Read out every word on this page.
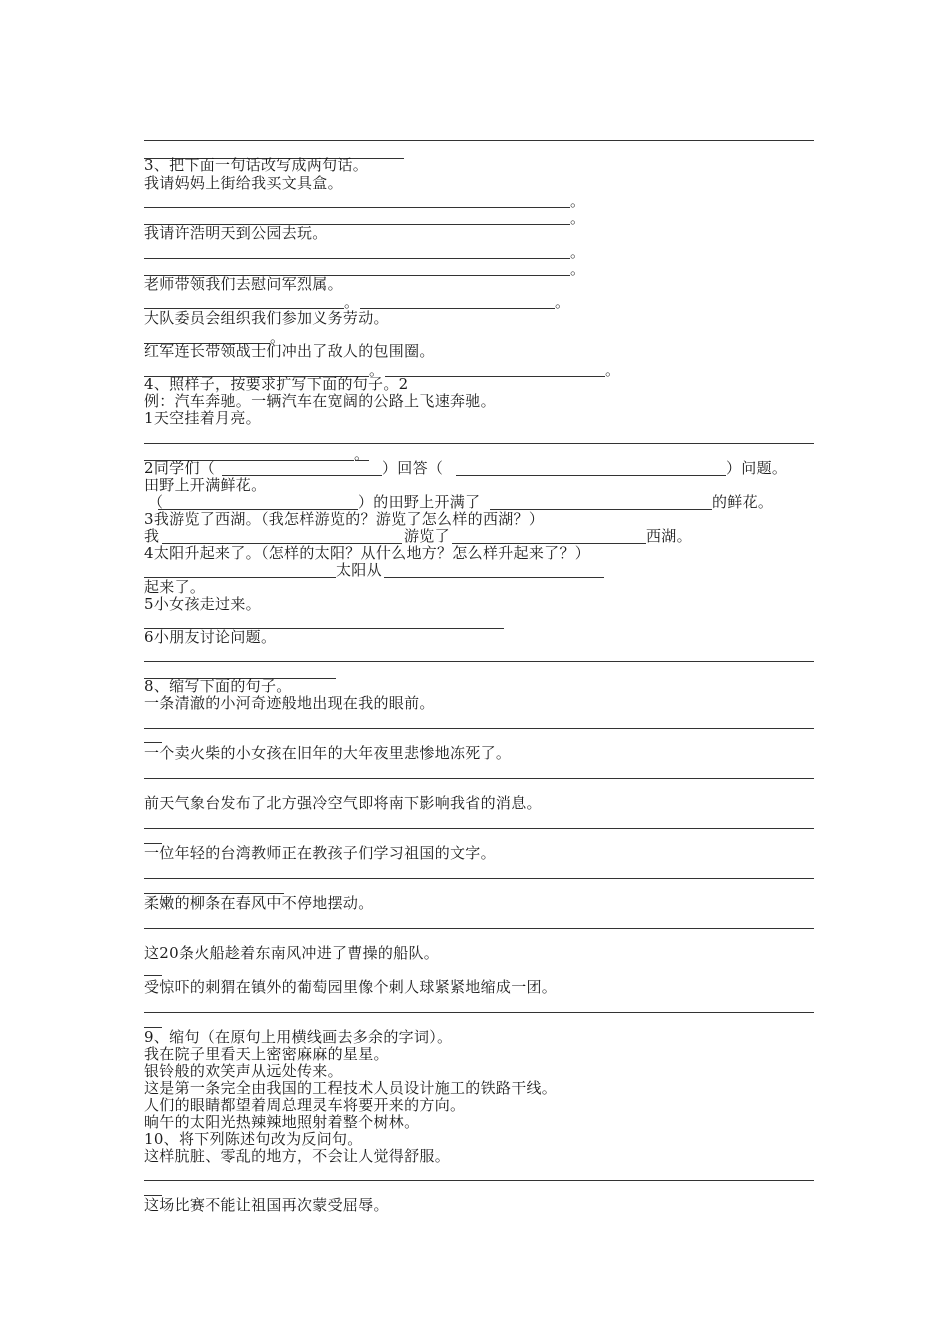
3、把下面一句话改写成两句话。
我请妈妈上街给我买文具盒。
。
。
我请许浩明天到公园去玩。
。
。
老师带领我们去慰问军烈属。
。	。
大队委员会组织我们参加义务劳动。
。
红军连长带领战士们冲出了敌人的包围圈。
。	。
4、照样子，按要求扩写下面的句子。2
例：汽车奔驰。一辆汽车在宽阔的公路上飞速奔驰。
1天空挂着月亮。
。
2同学们（	）回答（	）问题。
田野上开满鲜花。
（	）的田野上开满了	的鲜花。
3我游览了西湖。（我怎样游览的？游览了怎么样的西湖？）
我	游览了	西湖。
4太阳升起来了。（怎样的太阳？从什么地方？怎么样升起来了？）
太阳从
起来了。
5小女孩走过来。
6小朋友讨论问题。
8、缩写下面的句子。
一条清澈的小河奇迹般地出现在我的眼前。
一个卖火柴的小女孩在旧年的大年夜里悲惨地冻死了。
前天气象台发布了北方强冷空气即将南下影响我省的消息。
一位年轻的台湾教师正在教孩子们学习祖国的文字。
柔嫩的柳条在春风中不停地摆动。
这20条火船趁着东南风冲进了曹操的船队。
受惊吓的刺猬在镇外的葡萄园里像个刺人球紧紧地缩成一团。
9、缩句（在原句上用横线画去多余的字词）。
我在院子里看天上密密麻麻的星星。
银铃般的欢笑声从远处传来。
这是第一条完全由我国的工程技术人员设计施工的铁路干线。
人们的眼睛都望着周总理灵车将要开来的方向。
晌午的太阳光热辣辣地照射着整个树林。
10、将下列陈述句改为反问句。
这样肮脏、零乱的地方，不会让人觉得舒服。
这场比赛不能让祖国再次蒙受屈辱。
